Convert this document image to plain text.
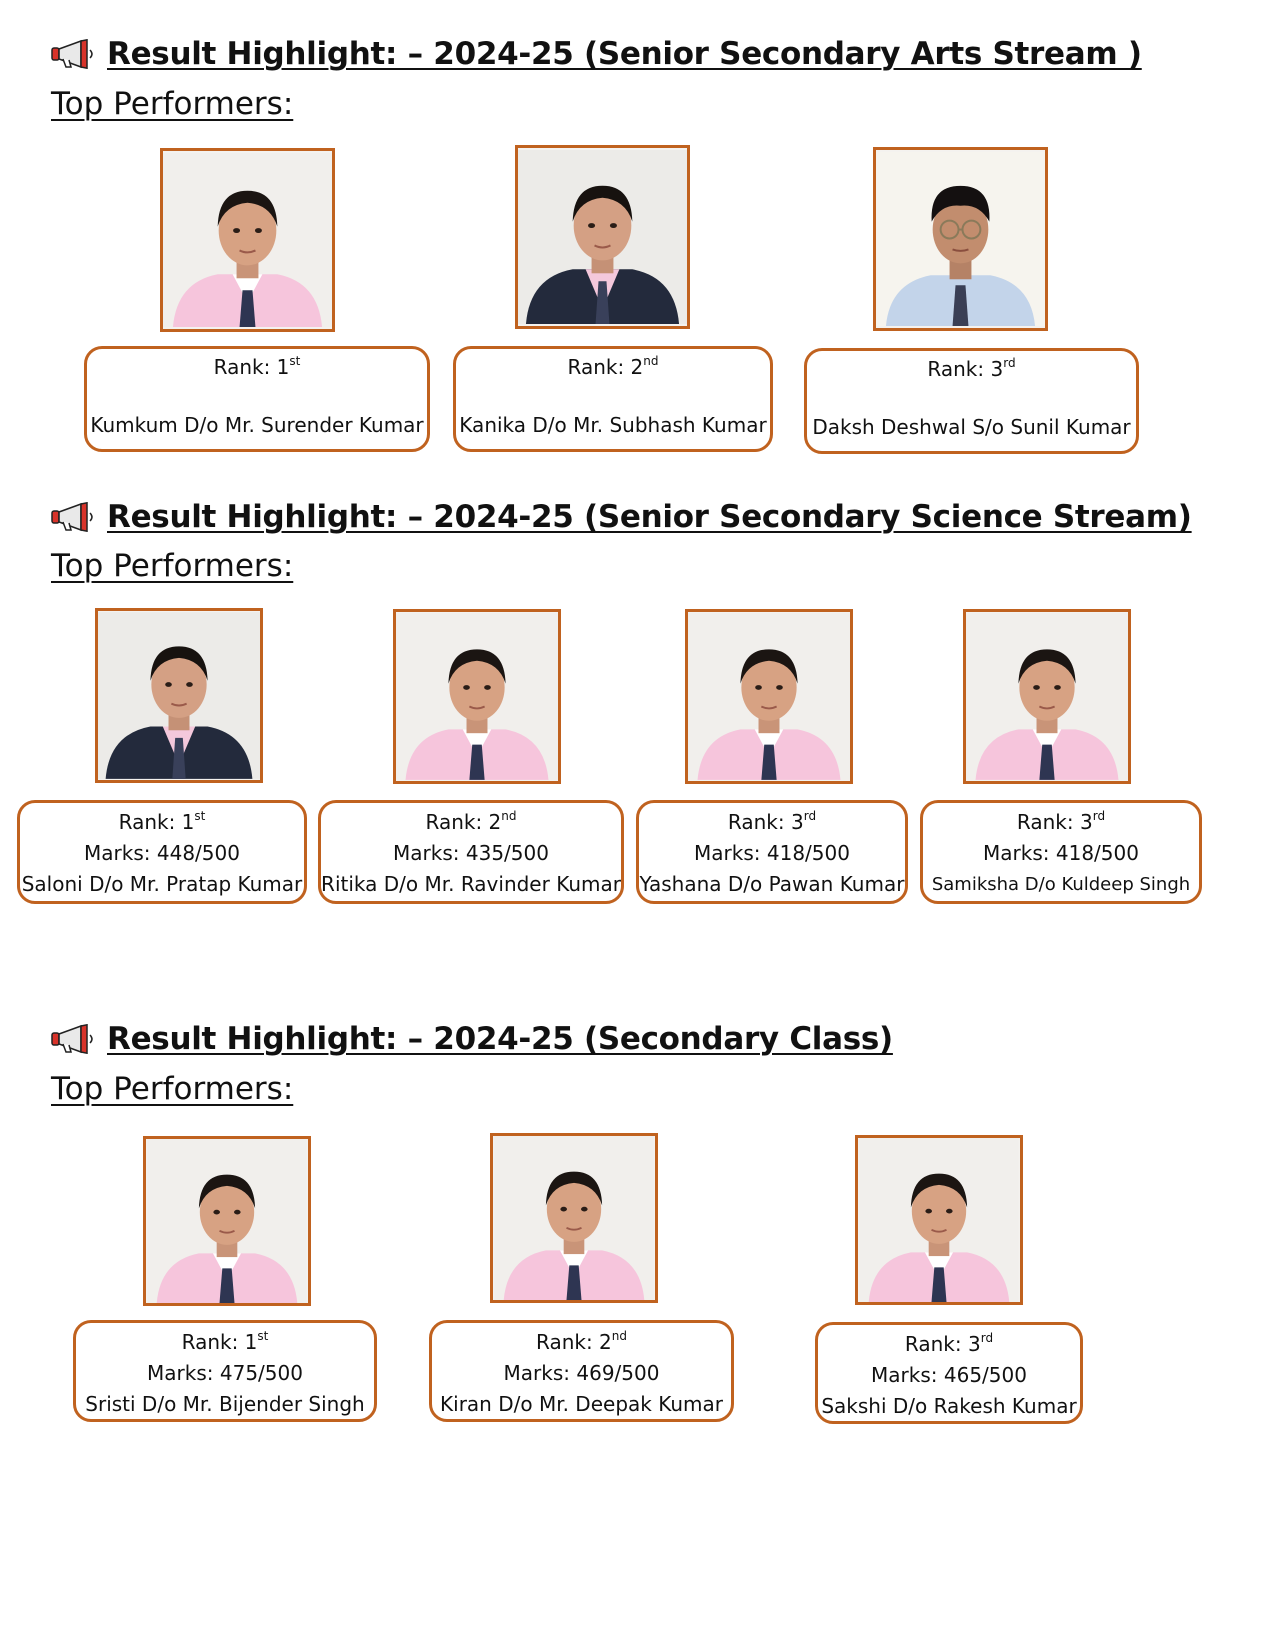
Result Highlight: – 2024-25 (Senior Secondary Arts Stream )
Top Performers:
Rank: 1st
Kumkum D/o Mr. Surender Kumar
Rank: 2nd
Kanika D/o Mr. Subhash Kumar
Rank: 3rd
Daksh Deshwal S/o Sunil Kumar
Result Highlight: – 2024-25 (Senior Secondary Science Stream)
Top Performers:
Rank: 1st
Marks: 448/500
Saloni D/o Mr. Pratap Kumar
Rank: 2nd
Marks: 435/500
Ritika D/o Mr. Ravinder Kumar
Rank: 3rd
Marks: 418/500
Yashana D/o Pawan Kumar
Rank: 3rd
Marks: 418/500
Samiksha D/o Kuldeep Singh
Result Highlight: – 2024-25 (Secondary Class)
Top Performers:
Rank: 1st
Marks: 475/500
Sristi D/o Mr. Bijender Singh
Rank: 2nd
Marks: 469/500
Kiran D/o Mr. Deepak Kumar
Rank: 3rd
Marks: 465/500
Sakshi D/o Rakesh Kumar
